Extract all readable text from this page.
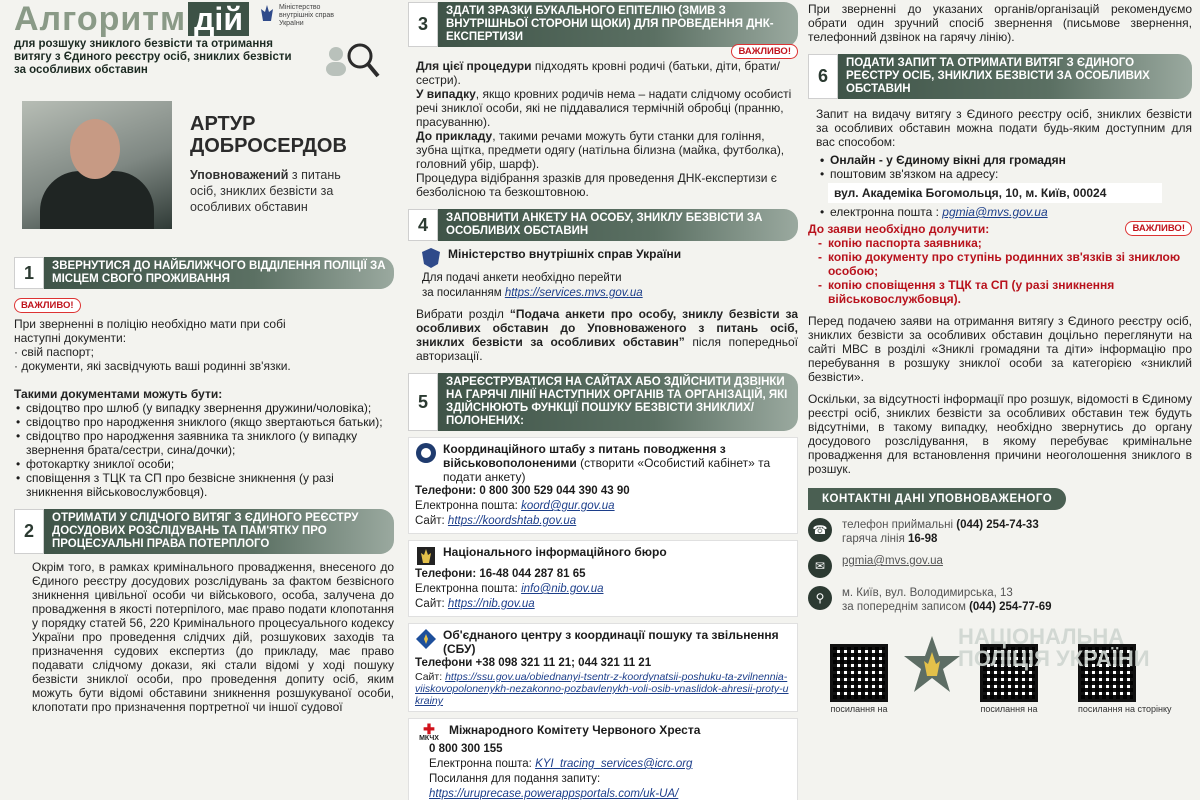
Алгоритм дій	Міністерство внутрішніх справ України
для розшуку зниклого безвісти та отримання витягу з Єдиного реєстру осіб, зниклих безвісти за особливих обставин
АРТУР
ДОБРОСЕРДОВ
Уповноважений з питань осіб, зниклих безвісти за особливих обставин
1	ЗВЕРНУТИСЯ ДО НАЙБЛИЖЧОГО ВІДДІЛЕННЯ ПОЛІЦІЇ ЗА МІСЦЕМ СВОГО ПРОЖИВАННЯ
ВАЖЛИВО!
При зверненні в поліцію необхідно мати при собі наступні документи:
· свій паспорт;
· документи, які засвідчують ваші родинні зв'язки.
Такими документами можуть бути:
• свідоцтво про шлюб (у випадку звернення дружини/чоловіка);
• свідоцтво про народження зниклого (якщо звертаються батьки);
• свідоцтво про народження заявника та зниклого (у випадку звернення брата/сестри, сина/дочки);
• фотокартку зниклої особи;
• сповіщення з ТЦК та СП про безвісне зникнення (у разі зникнення військовослужбовця).
2
ОТРИМАТИ У СЛІДЧОГО ВИТЯГ З ЄДИНОГО РЕЄСТРУ ДОСУДОВИХ РОЗСЛІДУВАНЬ ТА ПАМ'ЯТКУ ПРО ПРОЦЕСУАЛЬНІ ПРАВА ПОТЕРПЛОГО
Окрім того, в рамках кримінального провадження, внесеного до Єдиного реєстру досудових розслідувань за фактом безвісного зникнення цивільної особи чи військового, особа, залучена до провадження в якості потерпілого, має право подати клопотання у порядку статей 56, 220 Кримінального процесуального кодексу України про проведення слідчих дій, розшукових заходів та призначення судових експертиз (до прикладу, має право подавати слідчому докази, які стали відомі у ході пошуку безвісти зниклої особи, про проведення допиту осіб, яким можуть бути відомі обставини зникнення розшукуваної особи, клопотати про призначення портретної чи іншої судової
3
ЗДАТИ ЗРАЗКИ БУКАЛЬНОГО ЕПІТЕЛІЮ (ЗМИВ З ВНУТРІШНЬОЇ СТОРОНИ ЩОКИ) ДЛЯ ПРОВЕДЕННЯ ДНК-ЕКСПЕРТИЗИ
ВАЖЛИВО!
Для цієї процедури підходять кровні родичі (батьки, діти, брати/сестри).
У випадку, якщо кровних родичів нема – надати слідчому особисті речі зниклої особи, які не піддавалися термічній обробці (пранню, прасуванню).
До прикладу, такими речами можуть бути станки для гоління, зубна щітка, предмети одягу (натільна білизна (майка, футболка), головний убір, шарф).
Процедура відібрання зразків для проведення ДНК-експертизи є безболісною та безкоштовною.
4	ЗАПОВНИТИ АНКЕТУ НА ОСОБУ, ЗНИКЛУ БЕЗВІСТИ ЗА ОСОБЛИВИХ ОБСТАВИН
Міністерство внутрішніх справ України
Для подачі анкети необхідно перейти
за посиланням https://services.mvs.gov.ua
Вибрати розділ “Подача анкети про особу, зниклу безвісти за особливих обставин до Уповноваженого з питань осіб, зниклих безвісти за особливих обставин” після попередньої авторизації.
5
ЗАРЕЄСТРУВАТИСЯ НА САЙТАХ АБО ЗДІЙСНИТИ ДЗВІНКИ НА ГАРЯЧІ ЛІНІЇ НАСТУПНИХ ОРГАНІВ ТА ОРГАНІЗАЦІЙ, ЯКІ ЗДІЙСНЮЮТЬ ФУНКЦІЇ ПОШУКУ БЕЗВІСТИ ЗНИКЛИХ/ПОЛОНЕНИХ:
Координаційного штабу з питань поводження з військовополоненими (створити «Особистий кабінет» та подати анкету)
Телефони: 0 800 300 529 044 390 43 90
Електронна пошта: koord@gur.gov.ua
Сайт: https://koordshtab.gov.ua
Національного інформаційного бюро
Телефони: 16-48 044 287 81 65
Електронна пошта: info@nib.gov.ua
Сайт: https://nib.gov.ua
Об'єднаного центру з координації пошуку та звільнення (СБУ)
Телефони +38 098 321 11 21; 044 321 11 21
Сайт: https://ssu.gov.ua/obiednanyi-tsentr-z-koordynatsii-poshuku-ta-zvilnennia-viiskovopolonenykh-nezakonno-pozbavlenykh-voli-osib-vnaslidok-ahresii-proty-ukrainy
✚
МКЧХ
Міжнародного Комітету Червоного Хреста
0 800 300 155
Електронна пошта: KYI_tracing_services@icrc.org
Посилання для подання запиту:
https://uruprecase.powerappsportals.com/uk-UA/
При зверненні до указаних органів/організацій рекомендуємо обрати один зручний спосіб звернення (письмове звернення, телефонний дзвінок на гарячу лінію).
6
ПОДАТИ ЗАПИТ ТА ОТРИМАТИ ВИТЯГ З ЄДИНОГО РЕЄСТРУ ОСІБ, ЗНИКЛИХ БЕЗВІСТИ ЗА ОСОБЛИВИХ ОБСТАВИН
Запит на видачу витягу з Єдиного реєстру осіб, зниклих безвісти за особливих обставин можна подати будь-яким доступним для вас способом:
• Онлайн - у Єдиному вікні для громадян
• поштовим зв'язком на адресу:
вул. Академіка Богомольця, 10, м. Київ, 00024
• електронна пошта : pgmia@mvs.gov.ua
До заяви необхідно долучити:	ВАЖЛИВО!
- копію паспорта заявника;
- копію документу про ступінь родинних зв'язків зі зниклою особою;
- копію сповіщення з ТЦК та СП (у разі зникнення військовослужбовця).
Перед подачею заяви на отримання витягу з Єдиного реєстру осіб, зниклих безвісти за особливих обставин доцільно переглянути на сайті МВС в розділі «Зниклі громадяни та діти» інформацію про перебування в розшуку зниклої особи за категорією «зниклий безвісти».
Оскільки, за відсутності інформації про розшук, відомості в Єдиному реєстрі осіб, зниклих безвісти за особливих обставин теж будуть відсутніми, в такому випадку, необхідно звернутись до органу досудового розслідування, в якому перебуває кримінальне провадження для встановлення причини неоголошення зниклого в розшук.
КОНТАКТНІ ДАНІ УПОВНОВАЖЕНОГО
☎	телефон приймальні (044) 254-74-33
гаряча лінія 16-98
✉	pgmia@mvs.gov.ua
⚲	м. Київ, вул. Володимирська, 13
за попереднім записом (044) 254-77-69
посилання на	посилання на	посилання на сторінку
НАЦІОНАЛЬНА ПОЛІЦІЯ УКРАЇНИ
